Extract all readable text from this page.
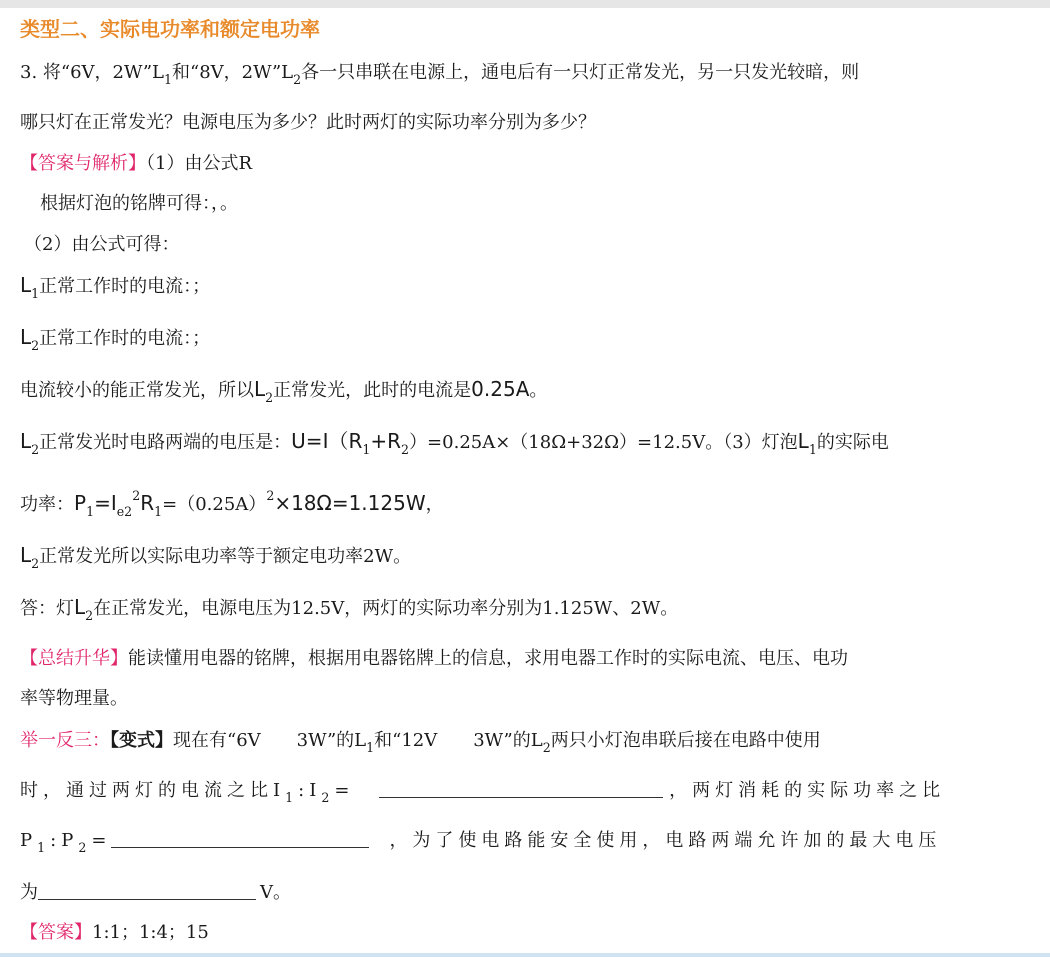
类型二、实际电功率和额定电功率
3. 将“6V，$2W”L_1$和“8V，$2W”L_2$各一只串联在电源上，通电后有一只灯正常发光，另一只发光较暗，则
哪只灯在正常发光？电源电压为多少？此时两灯的实际功率分别为多少？
【答案与解析】（1）由公式R
根据灯泡的铭牌可得：，。
（2）由公式可得：
$L_1$正常工作时的电流：；
$L_2$正常工作时的电流：；
电流较小的能正常发光，所以$L_2$正常发光，此时的电流是0.25A。
$L_2$正常发光时电路两端的电压是：$U=I(R_1+R_2)=0.25A\times(18\Omega+32\Omega)=12.5V$。（3）灯泡$L_1$的实际电
功率：$P_1=I_{e2}^2R_1=(0.25A)^2\times 18\Omega=1.125W$，
$L_2$正常发光所以实际电功率等于额定电功率2W。
答：灯$L_2$在正常发光，电源电压为12.5V，两灯的实际功率分别为1.125W、2W。
【总结升华】能读懂用电器的铭牌，根据用电器铭牌上的信息，求用电器工作时的实际电流、电压、电功
率等物理量。
举一反三：【变式】现在有“6V　　3W”的$L_1$和“12V　　3W”的$L_2$两只小灯泡串联后接在电路中使用
时，通过两灯的电流之比$I_1:I_2=$	，两灯消耗的实际功率之比
$P_1:P_2=$	，为了使电路能安全使用，电路两端允许加的最大电压
为	V。
【答案】1:1；1:4；15
